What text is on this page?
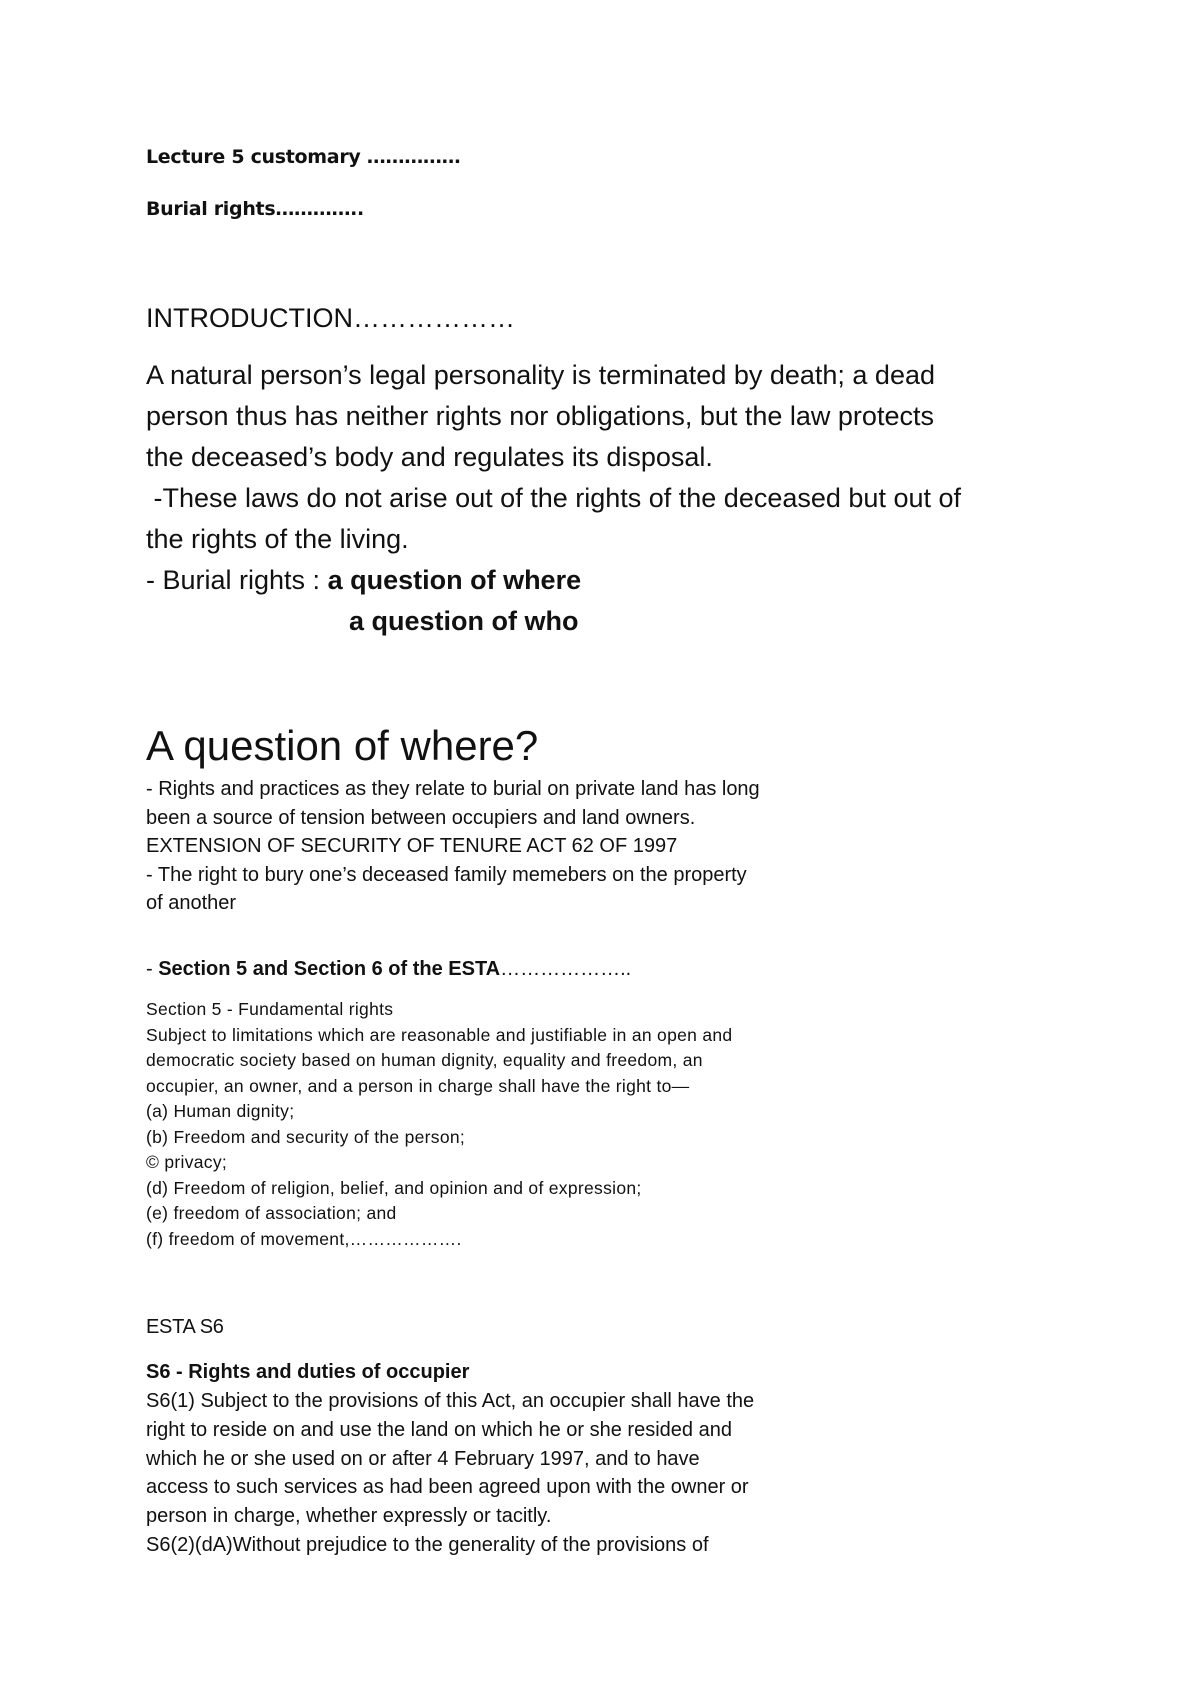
Lecture 5 customary ……………

Burial rights…………..

INTRODUCTION………………

A natural person’s legal personality is terminated by death; a dead
person thus has neither rights nor obligations, but the law protects
the deceased’s body and regulates its disposal.
-These laws do not arise out of the rights of the deceased but out of
the rights of the living.
- Burial rights : a question of where
a question of who

A question of where?

- Rights and practices as they relate to burial on private land has long
been a source of tension between occupiers and land owners.
EXTENSION OF SECURITY OF TENURE ACT 62 OF 1997
- The right to bury one’s deceased family memebers on the property
of another

- Section 5 and Section 6 of the ESTA………………..

Section 5 - Fundamental rights
Subject to limitations which are reasonable and justifiable in an open and
democratic society based on human dignity, equality and freedom, an
occupier, an owner, and a person in charge shall have the right to—
(a) Human dignity;
(b) Freedom and security of the person;
© privacy;
(d) Freedom of religion, belief, and opinion and of expression;
(e) freedom of association; and
(f) freedom of movement,……………….

ESTA S6

S6 - Rights and duties of occupier

S6(1) Subject to the provisions of this Act, an occupier shall have the
right to reside on and use the land on which he or she resided and
which he or she used on or after 4 February 1997, and to have
access to such services as had been agreed upon with the owner or
person in charge, whether expressly or tacitly.
S6(2)(dA)Without prejudice to the generality of the provisions of
